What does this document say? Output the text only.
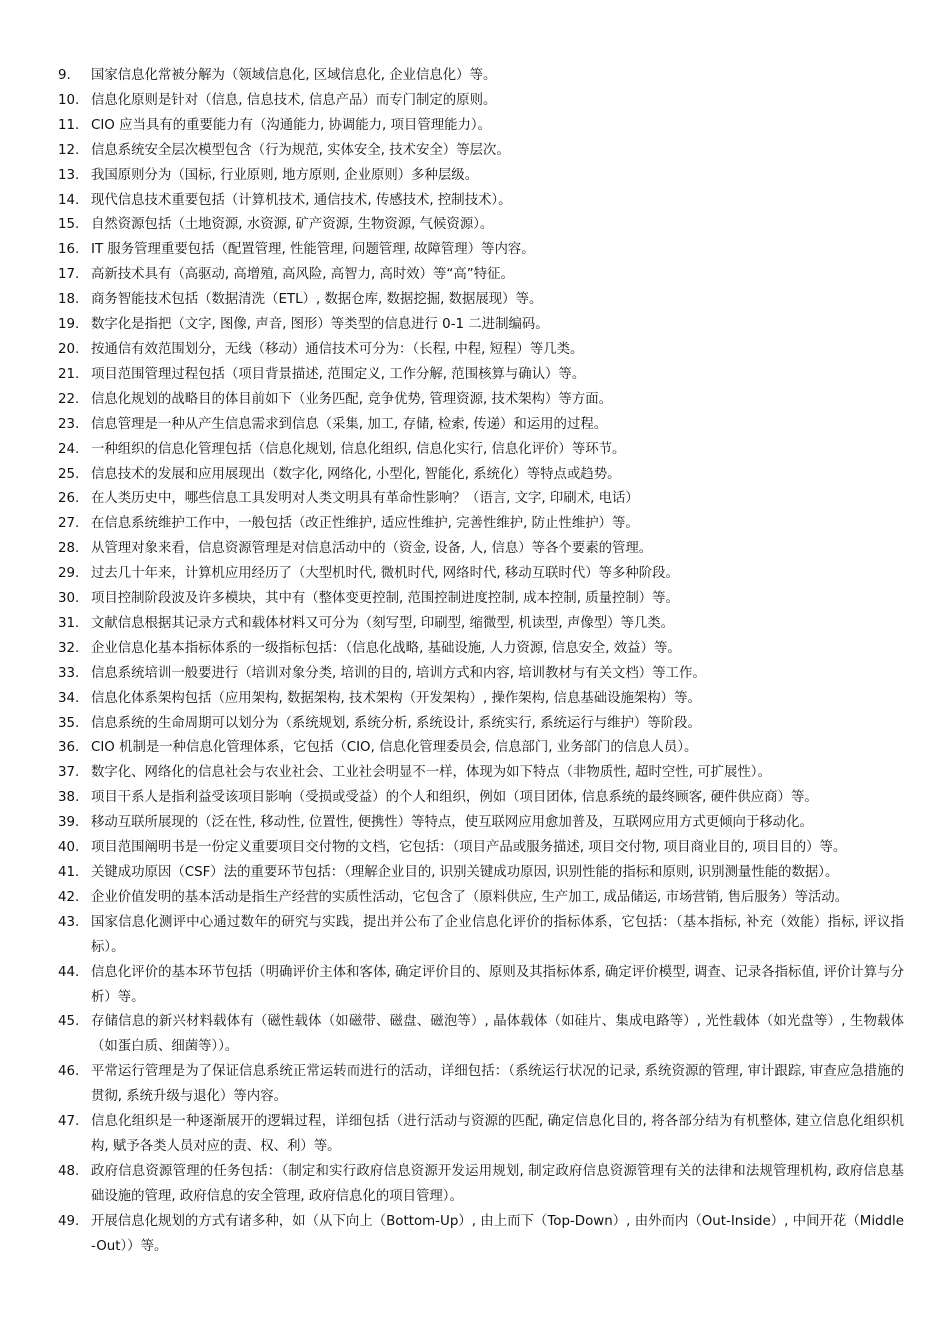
9.	国家信息化常被分解为（领域信息化, 区域信息化, 企业信息化）等。
10. 信息化原则是针对（信息, 信息技术, 信息产品）而专门制定的原则。
11. CIO 应当具有的重要能力有（沟通能力, 协调能力, 项目管理能力）。
12. 信息系统安全层次模型包含（行为规范, 实体安全, 技术安全）等层次。
13. 我国原则分为（国标, 行业原则, 地方原则, 企业原则）多种层级。
14. 现代信息技术重要包括（计算机技术, 通信技术, 传感技术, 控制技术）。
15. 自然资源包括（土地资源, 水资源, 矿产资源, 生物资源, 气候资源）。
16. IT 服务管理重要包括（配置管理, 性能管理, 问题管理, 故障管理）等内容。
17. 高新技术具有（高驱动, 高增殖, 高风险, 高智力, 高时效）等“高”特征。
18. 商务智能技术包括（数据清洗（ETL）, 数据仓库, 数据挖掘, 数据展现）等。
19. 数字化是指把（文字, 图像, 声音, 图形）等类型的信息进行 0-1 二进制编码。
20. 按通信有效范围划分，无线（移动）通信技术可分为：（长程, 中程, 短程）等几类。
21. 项目范围管理过程包括（项目背景描述, 范围定义, 工作分解, 范围核算与确认）等。
22. 信息化规划的战略目的体目前如下（业务匹配, 竞争优势, 管理资源, 技术架构）等方面。
23. 信息管理是一种从产生信息需求到信息（采集, 加工, 存储, 检索, 传递）和运用的过程。
24. 一种组织的信息化管理包括（信息化规划, 信息化组织, 信息化实行, 信息化评价）等环节。
25. 信息技术的发展和应用展现出（数字化, 网络化, 小型化, 智能化, 系统化）等特点或趋势。
26. 在人类历史中，哪些信息工具发明对人类文明具有革命性影响？（语言, 文字, 印刷术, 电话）
27. 在信息系统维护工作中，一般包括（改正性维护, 适应性维护, 完善性维护, 防止性维护）等。
28. 从管理对象来看，信息资源管理是对信息活动中的（资金, 设备, 人, 信息）等各个要素的管理。
29. 过去几十年来，计算机应用经历了（大型机时代, 微机时代, 网络时代, 移动互联时代）等多种阶段。
30. 项目控制阶段波及许多模块，其中有（整体变更控制, 范围控制进度控制, 成本控制, 质量控制）等。
31. 文献信息根据其记录方式和载体材料又可分为（刻写型, 印刷型, 缩微型, 机读型, 声像型）等几类。
32. 企业信息化基本指标体系的一级指标包括：（信息化战略, 基础设施, 人力资源, 信息安全, 效益）等。
33. 信息系统培训一般要进行（培训对象分类, 培训的目的, 培训方式和内容, 培训教材与有关文档）等工作。
34. 信息化体系架构包括（应用架构, 数据架构, 技术架构（开发架构）, 操作架构, 信息基础设施架构）等。
35. 信息系统的生命周期可以划分为（系统规划, 系统分析, 系统设计, 系统实行, 系统运行与维护）等阶段。
36. CIO 机制是一种信息化管理体系，它包括（CIO, 信息化管理委员会, 信息部门, 业务部门的信息人员）。
37. 数字化、网络化的信息社会与农业社会、工业社会明显不一样，体现为如下特点（非物质性, 超时空性, 可扩展性）。
38. 项目干系人是指利益受该项目影响（受损或受益）的个人和组织，例如（项目团体, 信息系统的最终顾客, 硬件供应商）等。
39. 移动互联所展现的（泛在性, 移动性, 位置性, 便携性）等特点，使互联网应用愈加普及，互联网应用方式更倾向于移动化。
40. 项目范围阐明书是一份定义重要项目交付物的文档，它包括：（项目产品或服务描述, 项目交付物, 项目商业目的, 项目目的）等。
41. 关键成功原因（CSF）法的重要环节包括：（理解企业目的, 识别关键成功原因, 识别性能的指标和原则, 识别测量性能的数据）。
42. 企业价值发明的基本活动是指生产经营的实质性活动，它包含了（原料供应, 生产加工, 成品储运, 市场营销, 售后服务）等活动。
43. 国家信息化测评中心通过数年的研究与实践，提出并公布了企业信息化评价的指标体系，它包括：（基本指标, 补充（效能）指标, 评议指标）。
44. 信息化评价的基本环节包括（明确评价主体和客体, 确定评价目的、原则及其指标体系, 确定评价模型, 调查、记录各指标值, 评价计算与分析）等。
45. 存储信息的新兴材料载体有（磁性载体（如磁带、磁盘、磁泡等）, 晶体载体（如硅片、集成电路等）, 光性载体（如光盘等）, 生物载体（如蛋白质、细菌等））。
46. 平常运行管理是为了保证信息系统正常运转而进行的活动，详细包括：（系统运行状况的记录, 系统资源的管理, 审计跟踪, 审查应急措施的贯彻, 系统升级与退化）等内容。
47. 信息化组织是一种逐渐展开的逻辑过程，详细包括（进行活动与资源的匹配, 确定信息化目的, 将各部分结为有机整体, 建立信息化组织机构, 赋予各类人员对应的责、权、利）等。
48. 政府信息资源管理的任务包括：（制定和实行政府信息资源开发运用规划, 制定政府信息资源管理有关的法律和法规管理机构, 政府信息基础设施的管理, 政府信息的安全管理, 政府信息化的项目管理）。
49. 开展信息化规划的方式有诸多种，如（从下向上（Bottom-Up）, 由上而下（Top-Down）, 由外而内（Out-Inside）, 中间开花（Middle-Out））等。
